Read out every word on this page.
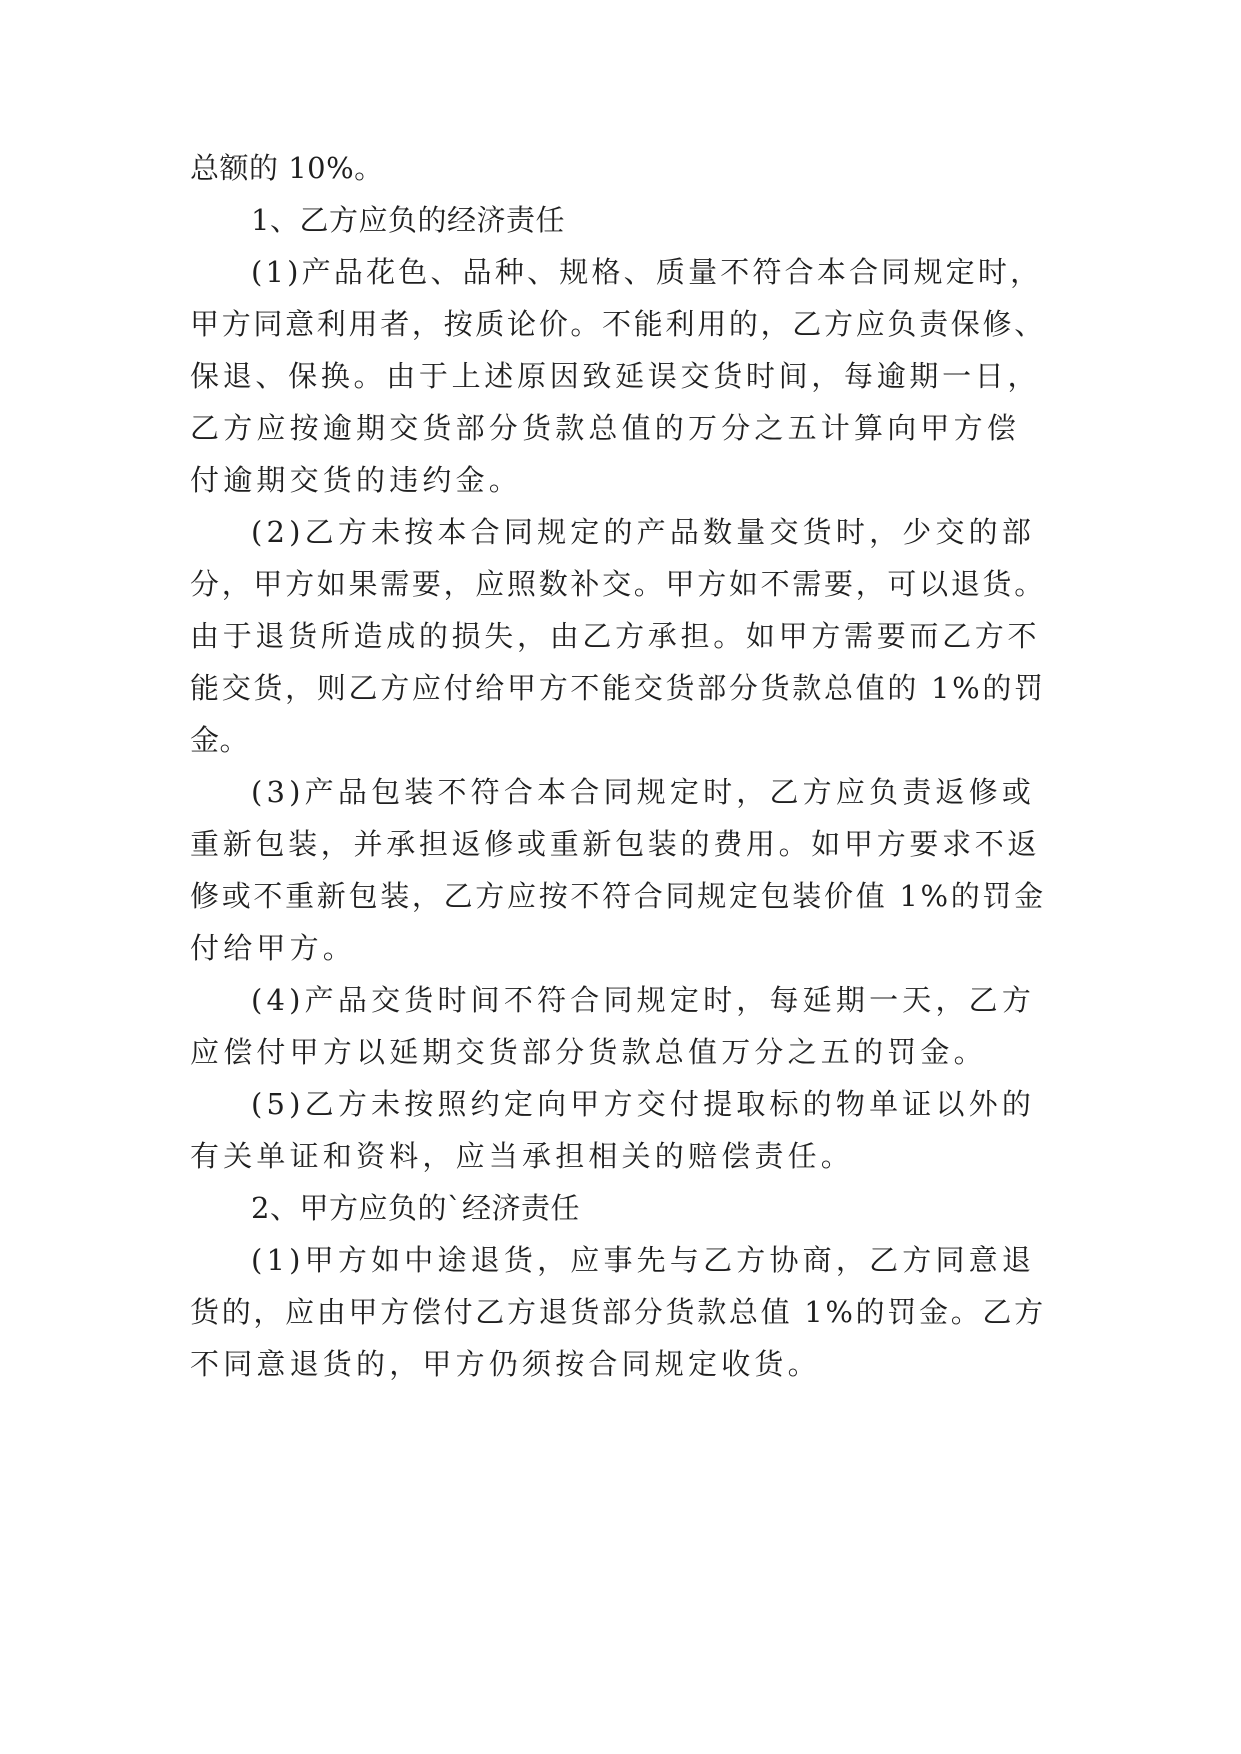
总额的 10%。
1、乙方应负的经济责任
(1)产品花色、品种、规格、质量不符合本合同规定时，
甲方同意利用者，按质论价。不能利用的，乙方应负责保修、
保退、保换。由于上述原因致延误交货时间，每逾期一日，
乙方应按逾期交货部分货款总值的万分之五计算向甲方偿
付逾期交货的违约金。
(2)乙方未按本合同规定的产品数量交货时，少交的部
分，甲方如果需要，应照数补交。甲方如不需要，可以退货。
由于退货所造成的损失，由乙方承担。如甲方需要而乙方不
能交货，则乙方应付给甲方不能交货部分货款总值的 1%的罚
金。
(3)产品包装不符合本合同规定时，乙方应负责返修或
重新包装，并承担返修或重新包装的费用。如甲方要求不返
修或不重新包装，乙方应按不符合同规定包装价值 1%的罚金
付给甲方。
(4)产品交货时间不符合同规定时，每延期一天，乙方
应偿付甲方以延期交货部分货款总值万分之五的罚金。
(5)乙方未按照约定向甲方交付提取标的物单证以外的
有关单证和资料，应当承担相关的赔偿责任。
2、甲方应负的`经济责任
(1)甲方如中途退货，应事先与乙方协商，乙方同意退
货的，应由甲方偿付乙方退货部分货款总值 1%的罚金。乙方
不同意退货的，甲方仍须按合同规定收货。
